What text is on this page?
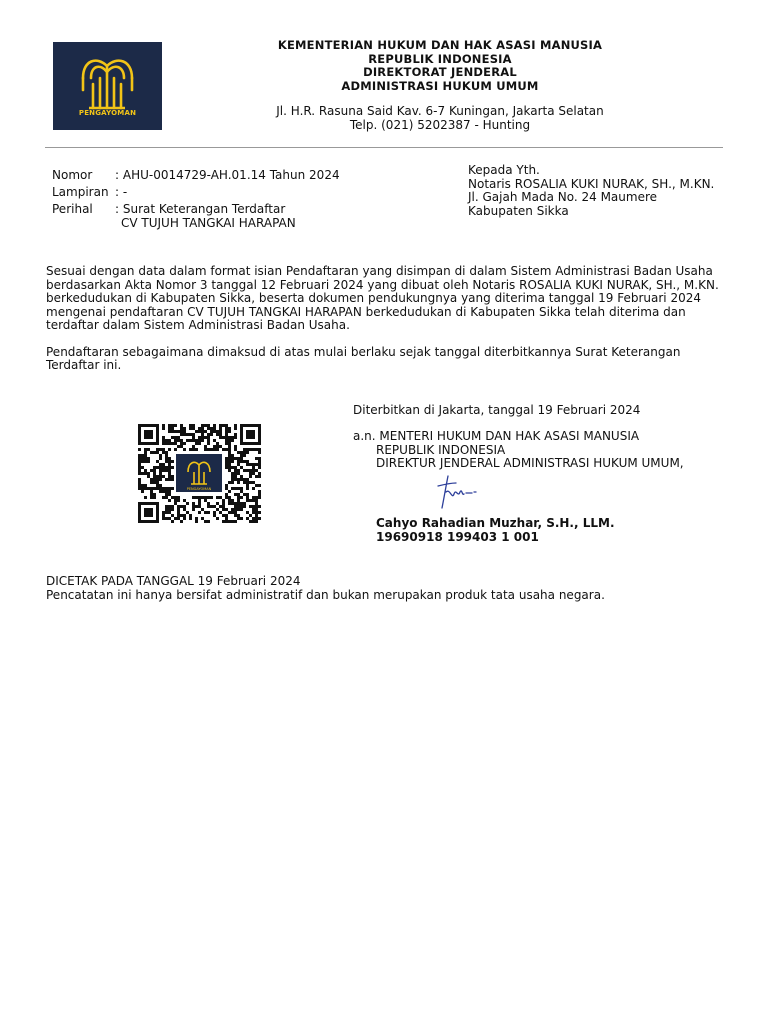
PENGAYOMAN
KEMENTERIAN HUKUM DAN HAK ASASI MANUSIA
REPUBLIK INDONESIA
DIREKTORAT JENDERAL
ADMINISTRASI HUKUM UMUM
Jl. H.R. Rasuna Said Kav. 6-7 Kuningan, Jakarta Selatan
Telp. (021) 5202387 - Hunting
Nomor	: AHU-0014729-AH.01.14 Tahun 2024
Lampiran : -
Perihal	: Surat Keterangan Terdaftar
CV TUJUH TANGKAI HARAPAN
Kepada Yth.
Notaris ROSALIA KUKI NURAK, SH., M.KN.
Jl. Gajah Mada No. 24 Maumere
Kabupaten Sikka

Sesuai dengan data dalam format isian Pendaftaran yang disimpan di dalam Sistem Administrasi Badan Usaha berdasarkan Akta Nomor 3 tanggal 12 Februari 2024 yang dibuat oleh Notaris ROSALIA KUKI NURAK, SH., M.KN. berkedudukan di Kabupaten Sikka, beserta dokumen pendukungnya yang diterima tanggal 19 Februari 2024 mengenai pendaftaran CV TUJUH TANGKAI HARAPAN berkedudukan di Kabupaten Sikka telah diterima dan terdaftar dalam Sistem Administrasi Badan Usaha.

Pendaftaran sebagaimana dimaksud di atas mulai berlaku sejak tanggal diterbitkannya Surat Keterangan Terdaftar ini.

PENGAYOMAN
Diterbitkan di Jakarta, tanggal 19 Februari 2024
a.n. MENTERI HUKUM DAN HAK ASASI MANUSIA
REPUBLIK INDONESIA
DIREKTUR JENDERAL ADMINISTRASI HUKUM UMUM,
Cahyo Rahadian Muzhar, S.H., LLM.
19690918 199403 1 001
DICETAK PADA TANGGAL 19 Februari 2024
Pencatatan ini hanya bersifat administratif dan bukan merupakan produk tata usaha negara.
